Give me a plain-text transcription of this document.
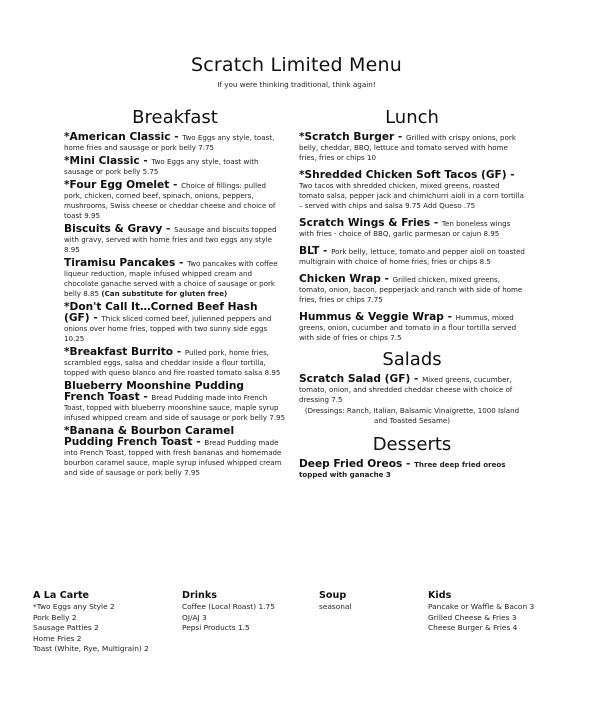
Scratch Limited Menu
If you were thinking traditional, think again!
Breakfast
*American Classic - Two Eggs any style, toast, home fries and sausage or pork belly 7.75
*Mini Classic - Two Eggs any style, toast with sausage or pork belly 5.75
*Four Egg Omelet - Choice of fillings: pulled pork, chicken, corned beef, spinach, onions, peppers, mushrooms, Swiss cheese or cheddar cheese and choice of toast 9.95
Biscuits & Gravy - Sausage and biscuits topped with gravy, served with home fries and two eggs any style 8.95
Tiramisu Pancakes - Two pancakes with coffee liqueur reduction, maple infused whipped cream and chocolate ganache served with a choice of sausage or pork belly 8.85 (Can substitute for gluten free)
*Don't Call It…Corned Beef Hash (GF) - Thick sliced corned beef, julienned peppers and onions over home fries, topped with two sunny side eggs 10.25
*Breakfast Burrito - Pulled pork, home fries, scrambled eggs, salsa and cheddar inside a flour tortilla, topped with queso blanco and fire roasted tomato salsa 8.95
Blueberry Moonshine Pudding French Toast - Bread Pudding made into French Toast, topped with blueberry moonshine sauce, maple syrup infused whipped cream and side of sausage or pork belly 7.95
*Banana & Bourbon Caramel Pudding French Toast - Bread Pudding made into French Toast, topped with fresh bananas and homemade bourbon caramel sauce, maple syrup infused whipped cream and side of sausage or pork belly 7.95
Lunch
*Scratch Burger - Grilled with crispy onions, pork belly, cheddar, BBQ, lettuce and tomato served with home fries, fries or chips 10
*Shredded Chicken Soft Tacos (GF) - Two tacos with shredded chicken, mixed greens, roasted tomato salsa, pepper jack and chimichurri aioli in a corn tortilla – served with chips and salsa 9.75 Add Queso .75
Scratch Wings & Fries - Ten boneless wings with fries - choice of BBQ, garlic parmesan or cajun 8.95
BLT - Pork belly, lettuce, tomato and pepper aioli on toasted multigrain with choice of home fries, fries or chips 8.5
Chicken Wrap - Grilled chicken, mixed greens, tomato, onion, bacon, pepperjack and ranch with side of home fries, fries or chips 7.75
Hummus & Veggie Wrap - Hummus, mixed greens, onion, cucumber and tomato in a flour tortilla served with side of fries or chips 7.5
Salads
Scratch Salad (GF) - Mixed greens, cucumber, tomato, onion, and shredded cheddar cheese with choice of dressing 7.5
(Dressings: Ranch, Italian, Balsamic Vinaigrette, 1000 Island and Toasted Sesame)
Desserts
Deep Fried Oreos - Three deep fried oreos topped with ganache 3
A La Carte
*Two Eggs any Style 2
Pork Belly 2
Sausage Patties 2
Home Fries 2
Toast (White, Rye, Multigrain) 2
Drinks
Coffee (Local Roast) 1.75
OJ/AJ 3
Pepsi Products 1.5
Soup
seasonal
Kids
Pancake or Waffle & Bacon 3
Grilled Cheese & Fries 3
Cheese Burger & Fries 4
